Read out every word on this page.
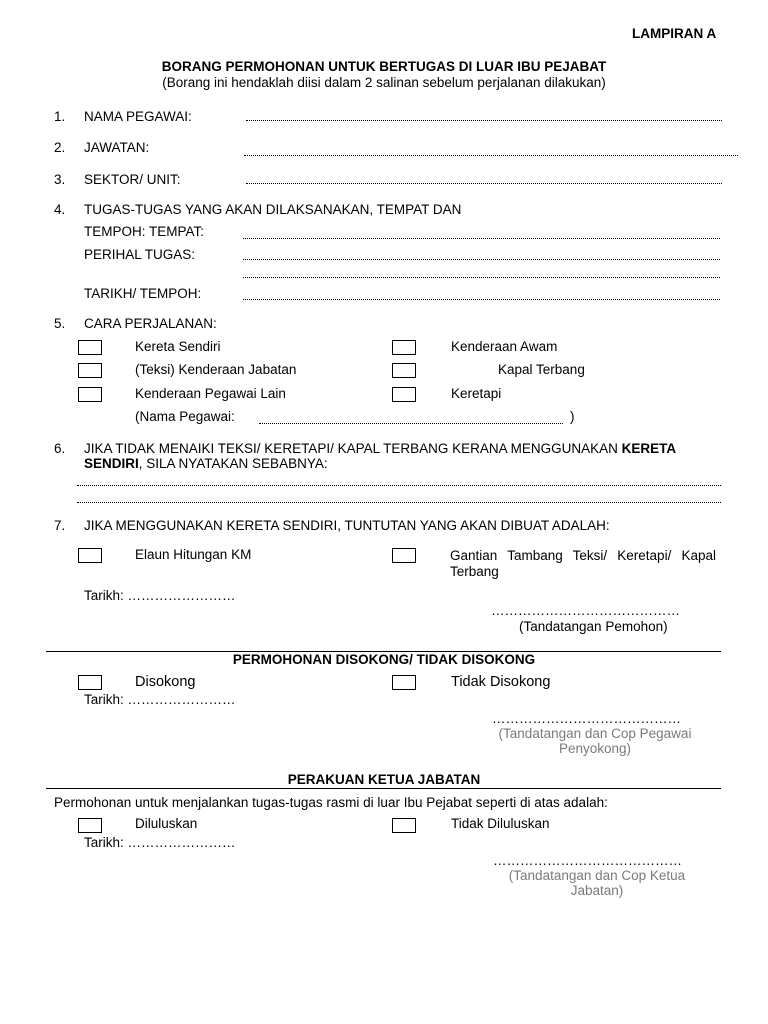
LAMPIRAN A
BORANG PERMOHONAN UNTUK BERTUGAS DI LUAR IBU PEJABAT
(Borang ini hendaklah diisi dalam 2 salinan sebelum perjalanan dilakukan)
1. NAMA PEGAWAI:
2. JAWATAN:
3. SEKTOR/ UNIT:
4. TUGAS-TUGAS YANG AKAN DILAKSANAKAN, TEMPAT DAN
TEMPOH: TEMPAT:
PERIHAL TUGAS:
TARIKH/ TEMPOH:
5. CARA PERJALANAN:
Kereta Sendiri	Kenderaan Awam
(Teksi) Kenderaan Jabatan	Kapal Terbang
Kenderaan Pegawai Lain	Keretapi
(Nama Pegawai:	)
6. JIKA TIDAK MENAIKI TEKSI/ KERETAPI/ KAPAL TERBANG KERANA MENGGUNAKAN KERETA
SENDIRI, SILA NYATAKAN SEBABNYA:
7. JIKA MENGGUNAKAN KERETA SENDIRI, TUNTUTAN YANG AKAN DIBUAT ADALAH:
Elaun Hitungan KM	Gantian Tambang Teksi/ Keretapi/ Kapal
Terbang
Tarikh: ……………………
……………………………………
(Tandatangan Pemohon)
PERMOHONAN DISOKONG/ TIDAK DISOKONG
Disokong	Tidak Disokong
Tarikh: ……………………
……………………………………
(Tandatangan dan Cop Pegawai
Penyokong)
PERAKUAN KETUA JABATAN
Permohonan untuk menjalankan tugas-tugas rasmi di luar Ibu Pejabat seperti di atas adalah:
Diluluskan	Tidak Diluluskan
Tarikh: ……………………
……………………………………
(Tandatangan dan Cop Ketua
Jabatan)
